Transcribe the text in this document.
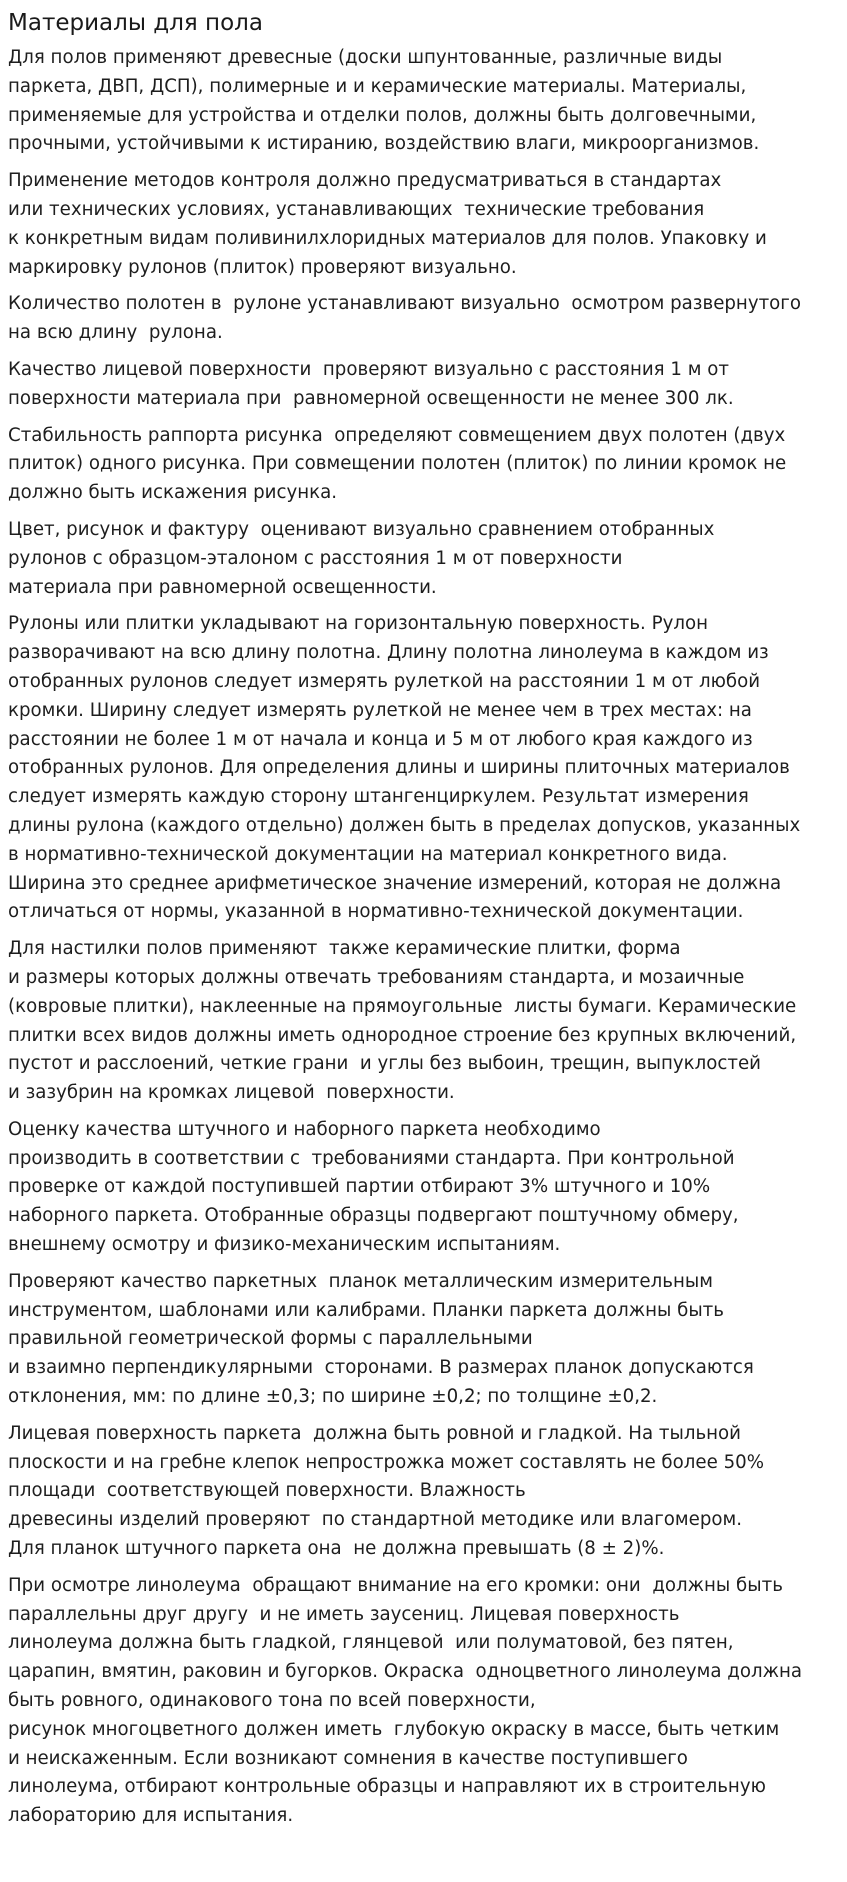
Материалы для пола
Для полов применяют древесные (доски шпунтованные, различные виды
паркета, ДВП, ДСП), полимерные и и керамические материалы. Материалы,
применяемые для устройства и отделки полов, должны быть долговечными,
прочными, устойчивыми к истиранию, воздействию влаги, микроорганизмов.
Применение методов контроля должно предусматриваться в стандартах
или технических условиях, устанавливающих  технические требования
к конкретным видам поливинилхлоридных материалов для полов. Упаковку и
маркировку рулонов (плиток) проверяют визуально.
Количество полотен в  рулоне устанавливают визуально  осмотром развернутого
на всю длину  рулона.
Качество лицевой поверхности  проверяют визуально с расстояния 1 м от
поверхности материала при  равномерной освещенности не менее 300 лк.
Стабильность раппорта рисунка  определяют совмещением двух полотен (двух
плиток) одного рисунка. При совмещении полотен (плиток) по линии кромок не
должно быть искажения рисунка.
Цвет, рисунок и фактуру  оценивают визуально сравнением отобранных
рулонов с образцом-эталоном с расстояния 1 м от поверхности
материала при равномерной освещенности.
Рулоны или плитки укладывают на горизонтальную поверхность. Рулон
разворачивают на всю длину полотна. Длину полотна линолеума в каждом из
отобранных рулонов следует измерять рулеткой на расстоянии 1 м от любой
кромки. Ширину следует измерять рулеткой не менее чем в трех местах: на
расстоянии не более 1 м от начала и конца и 5 м от любого края каждого из
отобранных рулонов. Для определения длины и ширины плиточных материалов
следует измерять каждую сторону штангенциркулем. Результат измерения
длины рулона (каждого отдельно) должен быть в пределах допусков, указанных
в нормативно-технической документации на материал конкретного вида.
Ширина это среднее арифметическое значение измерений, которая не должна
отличаться от нормы, указанной в нормативно-технической документации.
Для настилки полов применяют  также керамические плитки, форма
и размеры которых должны отвечать требованиям стандарта, и мозаичные
(ковровые плитки), наклеенные на прямоугольные  листы бумаги. Керамические
плитки всех видов должны иметь однородное строение без крупных включений,
пустот и расслоений, четкие грани  и углы без выбоин, трещин, выпуклостей
и зазубрин на кромках лицевой  поверхности.
Оценку качества штучного и наборного паркета необходимо
производить в соответствии с  требованиями стандарта. При контрольной
проверке от каждой поступившей партии отбирают 3% штучного и 10%
наборного паркета. Отобранные образцы подвергают поштучному обмеру,
внешнему осмотру и физико-механическим испытаниям.
Проверяют качество паркетных  планок металлическим измерительным
инструментом, шаблонами или калибрами. Планки паркета должны быть
правильной геометрической формы с параллельными
и взаимно перпендикулярными  сторонами. В размерах планок допускаются
отклонения, мм: по длине ±0,3; по ширине ±0,2; по толщине ±0,2.
Лицевая поверхность паркета  должна быть ровной и гладкой. На тыльной
плоскости и на гребне клепок непрострожка может составлять не более 50%
площади  соответствующей поверхности. Влажность
древесины изделий проверяют  по стандартной методике или влагомером.
Для планок штучного паркета она  не должна превышать (8 ± 2)%.
При осмотре линолеума  обращают внимание на его кромки: они  должны быть
параллельны друг другу  и не иметь заусениц. Лицевая поверхность
линолеума должна быть гладкой, глянцевой  или полуматовой, без пятен,
царапин, вмятин, раковин и бугорков. Окраска  одноцветного линолеума должна
быть ровного, одинакового тона по всей поверхности,
рисунок многоцветного должен иметь  глубокую окраску в массе, быть четким
и неискаженным. Если возникают сомнения в качестве поступившего
линолеума, отбирают контрольные образцы и направляют их в строительную
лабораторию для испытания.
